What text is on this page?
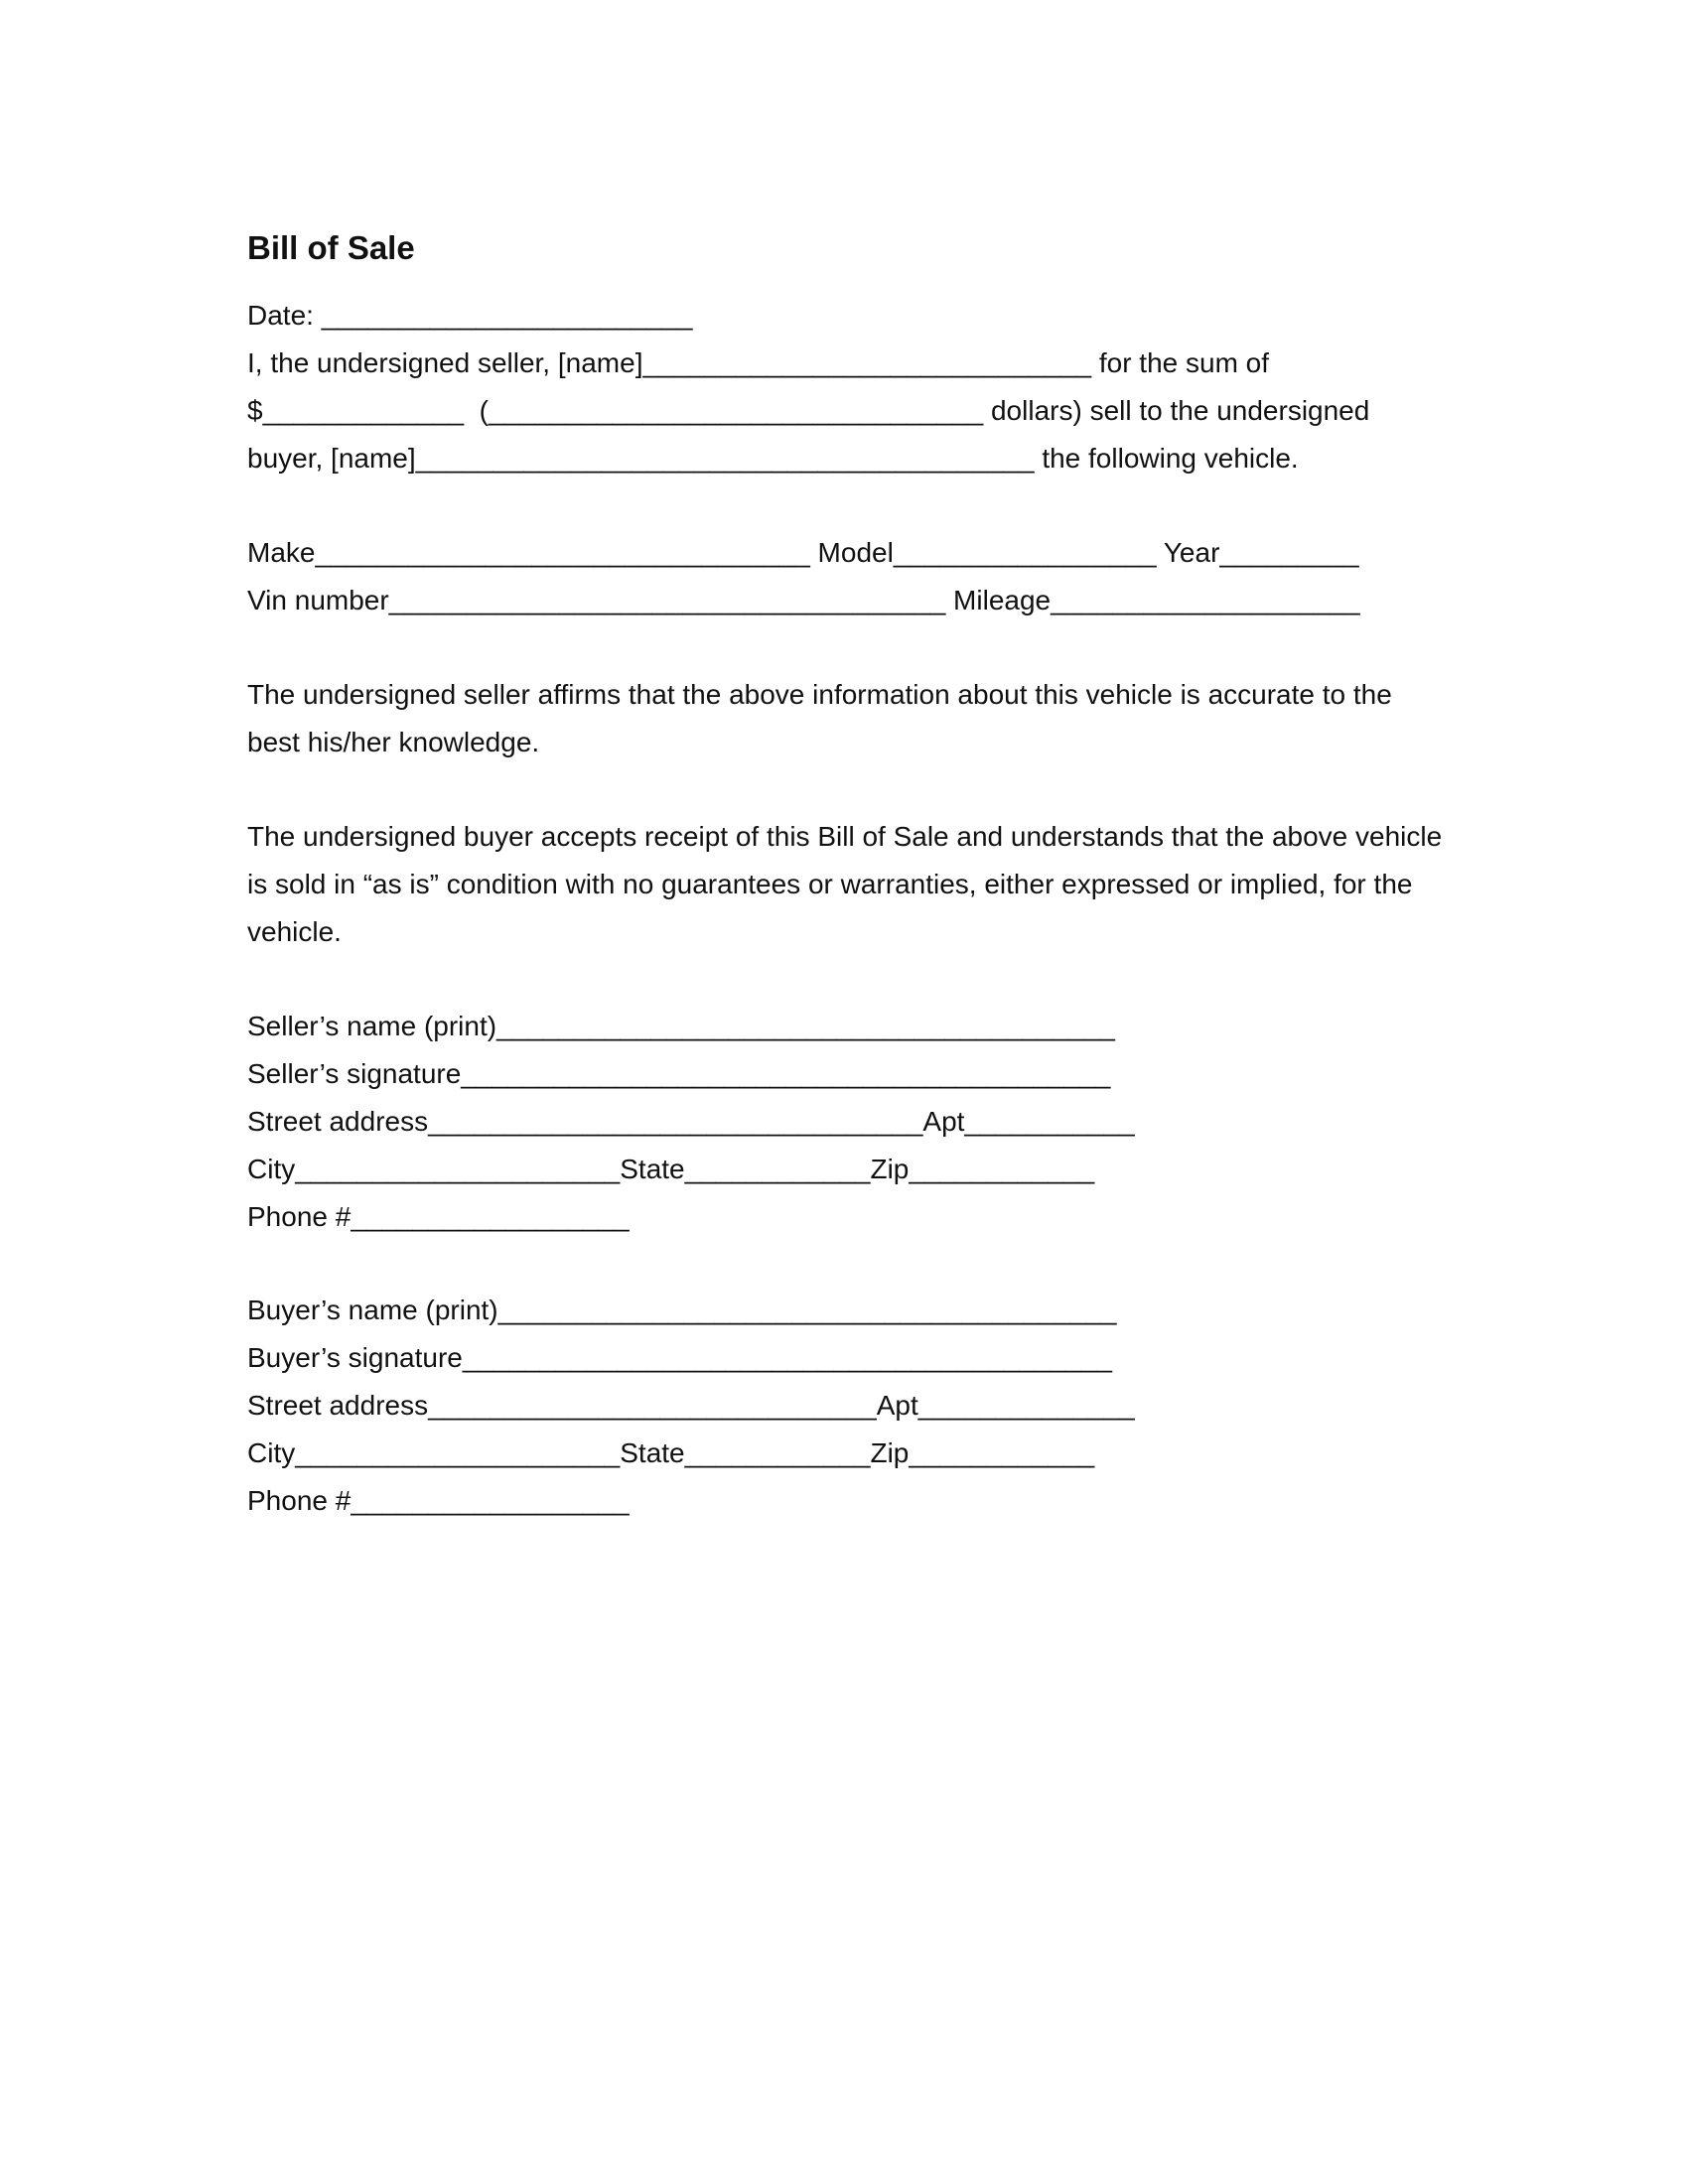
Bill of Sale
Date: ________________________
I, the undersigned seller, [name]_____________________________ for the sum of
$_____________  (________________________________ dollars) sell to the undersigned
buyer, [name]________________________________________ the following vehicle.
Make________________________________ Model_________________ Year_________
Vin number____________________________________ Mileage____________________
The undersigned seller affirms that the above information about this vehicle is accurate to the
best his/her knowledge.
The undersigned buyer accepts receipt of this Bill of Sale and understands that the above vehicle
is sold in “as is” condition with no guarantees or warranties, either expressed or implied, for the
vehicle.
Seller’s name (print)________________________________________
Seller’s signature__________________________________________
Street address________________________________Apt___________
City_____________________State____________Zip____________
Phone #__________________
Buyer’s name (print)________________________________________
Buyer’s signature__________________________________________
Street address_____________________________Apt______________
City_____________________State____________Zip____________
Phone #__________________
